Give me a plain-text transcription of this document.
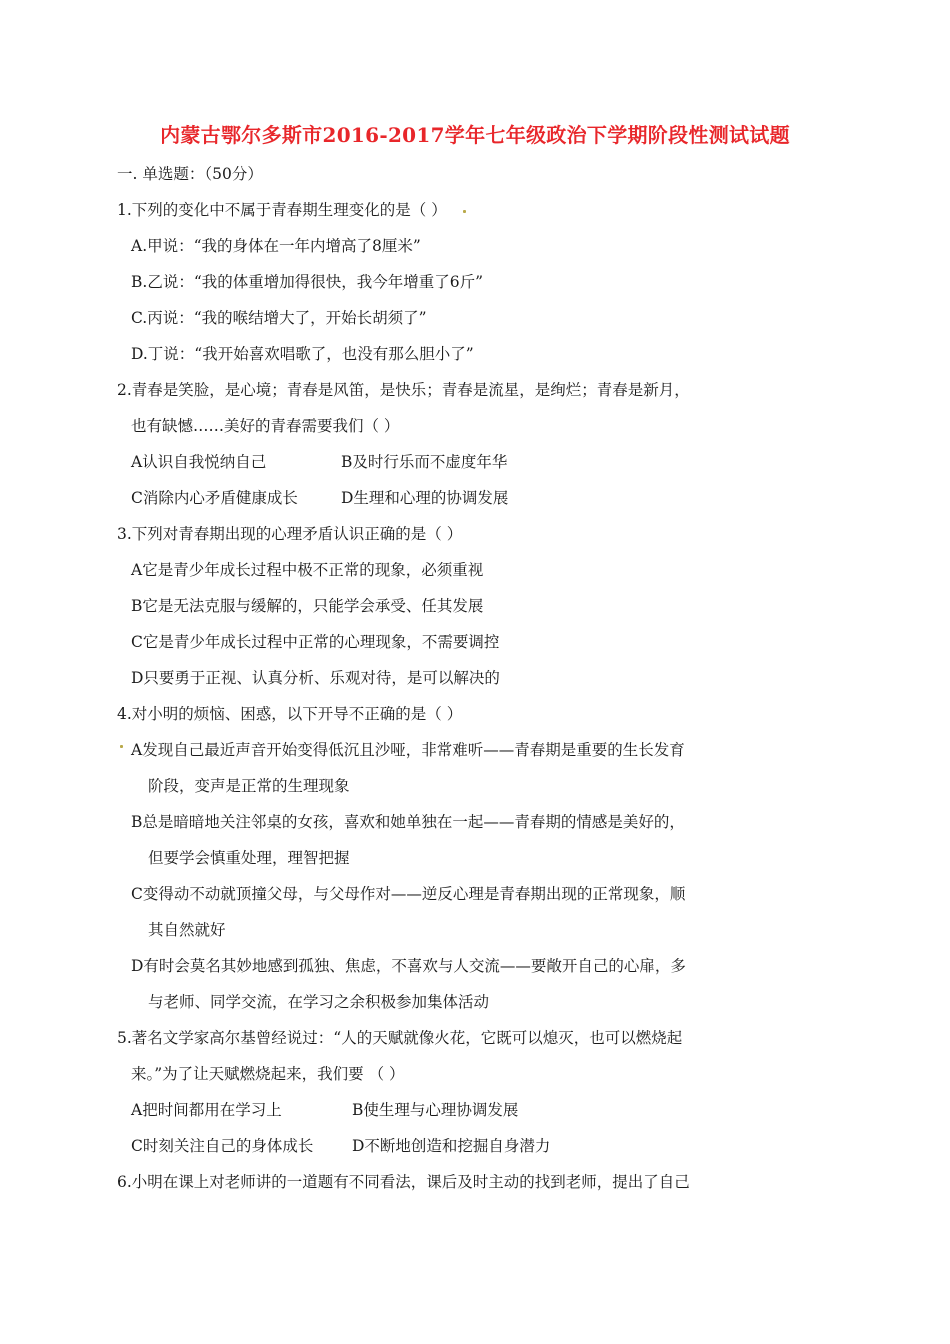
内蒙古鄂尔多斯市2016-2017学年七年级政治下学期阶段性测试试题
一. 单选题：（50分）
1.下列的变化中不属于青春期生理变化的是（ ）
A.甲说：“我的身体在一年内增高了8厘米”
B.乙说：“我的体重增加得很快，我今年增重了6斤”
C.丙说：“我的喉结增大了，开始长胡须了”
D.丁说：“我开始喜欢唱歌了，也没有那么胆小了”
2.青春是笑脸，是心境；青春是风笛，是快乐；青春是流星，是绚烂；青春是新月，
也有缺憾……美好的青春需要我们（ ）
A认识自我悦纳自己	B及时行乐而不虚度年华
C消除内心矛盾健康成长	D生理和心理的协调发展
3.下列对青春期出现的心理矛盾认识正确的是（ ）
A它是青少年成长过程中极不正常的现象，必须重视
B它是无法克服与缓解的，只能学会承受、任其发展
C它是青少年成长过程中正常的心理现象，不需要调控
D只要勇于正视、认真分析、乐观对待，是可以解决的
4.对小明的烦恼、困惑，以下开导不正确的是（ ）
A发现自己最近声音开始变得低沉且沙哑，非常难听——青春期是重要的生长发育
阶段，变声是正常的生理现象
B总是暗暗地关注邻桌的女孩，喜欢和她单独在一起——青春期的情感是美好的，
但要学会慎重处理，理智把握
C变得动不动就顶撞父母，与父母作对——逆反心理是青春期出现的正常现象，顺
其自然就好
D有时会莫名其妙地感到孤独、焦虑，不喜欢与人交流——要敞开自己的心扉，多
与老师、同学交流，在学习之余积极参加集体活动
5.著名文学家高尔基曾经说过：“人的天赋就像火花，它既可以熄灭，也可以燃烧起
来。”为了让天赋燃烧起来，我们要 （ ）
A把时间都用在学习上	B使生理与心理协调发展
C时刻关注自己的身体成长 D不断地创造和挖掘自身潜力
6.小明在课上对老师讲的一道题有不同看法，课后及时主动的找到老师，提出了自己
